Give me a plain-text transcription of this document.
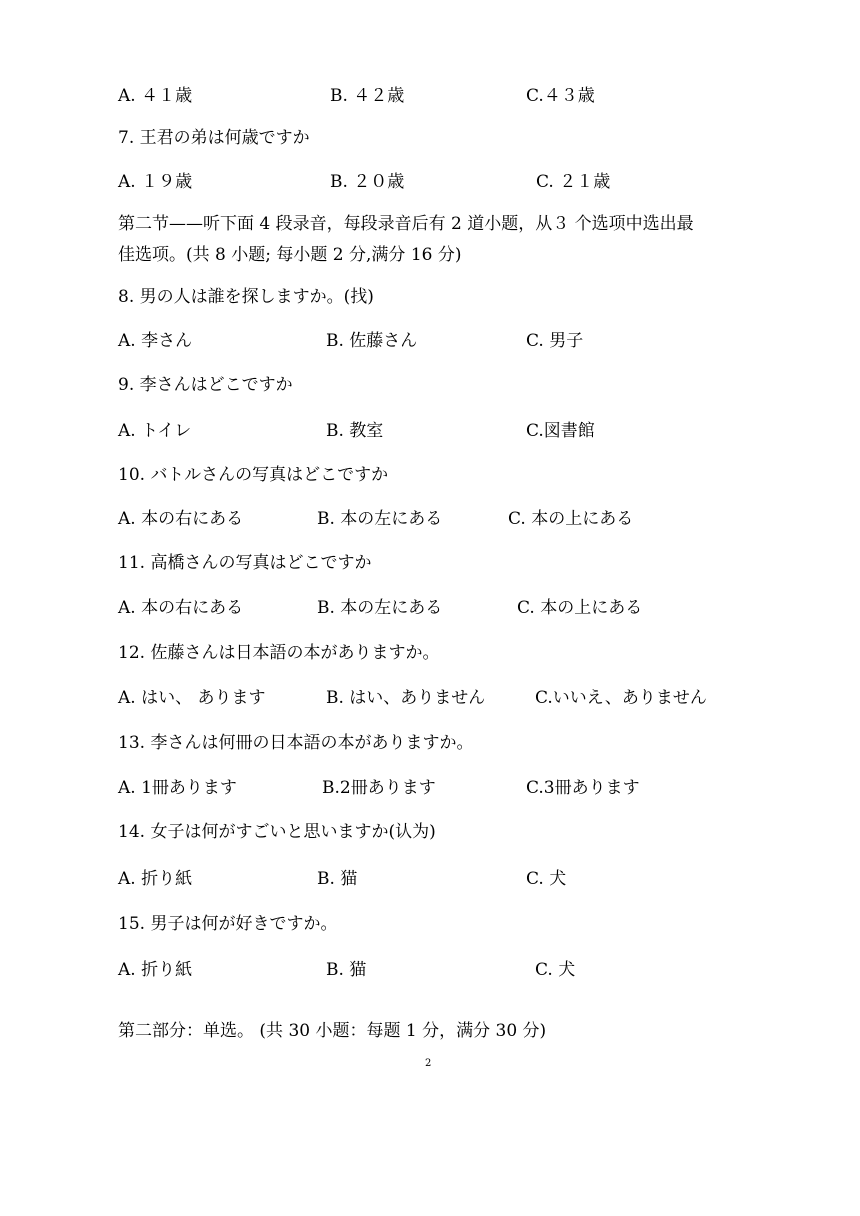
A. ４１歳	B. ４２歳	C.４３歳
7. 王君の弟は何歳ですか
A. １９歳	B. ２０歳	C. ２１歳
第二节——听下面 4 段录音，每段录音后有 2 道小题，从３ 个选项中选出最
佳选项。(共 8 小题; 每小题 2 分,满分 16 分)
8. 男の人は誰を探しますか。(找)
A. 李さん	B. 佐藤さん	C. 男子
9. 李さんはどこですか
A. トイレ	B. 教室	C.図書館
10. バトルさんの写真はどこですか
A. 本の右にある	B. 本の左にある	C. 本の上にある
11. 高橋さんの写真はどこですか
A. 本の右にある	B. 本の左にある	C. 本の上にある
12. 佐藤さんは日本語の本がありますか。
A. はい、 あります	B. はい、ありません	C.いいえ、ありません
13. 李さんは何冊の日本語の本がありますか。
A. 1冊あります	B.2冊あります	C.3冊あります
14. 女子は何がすごいと思いますか(认为)
A. 折り紙	B. 猫	C. 犬
15. 男子は何が好きですか。
A. 折り紙	B. 猫	C. 犬
第二部分：单选。 (共 30 小题：每题 1 分，满分 30 分)
2
